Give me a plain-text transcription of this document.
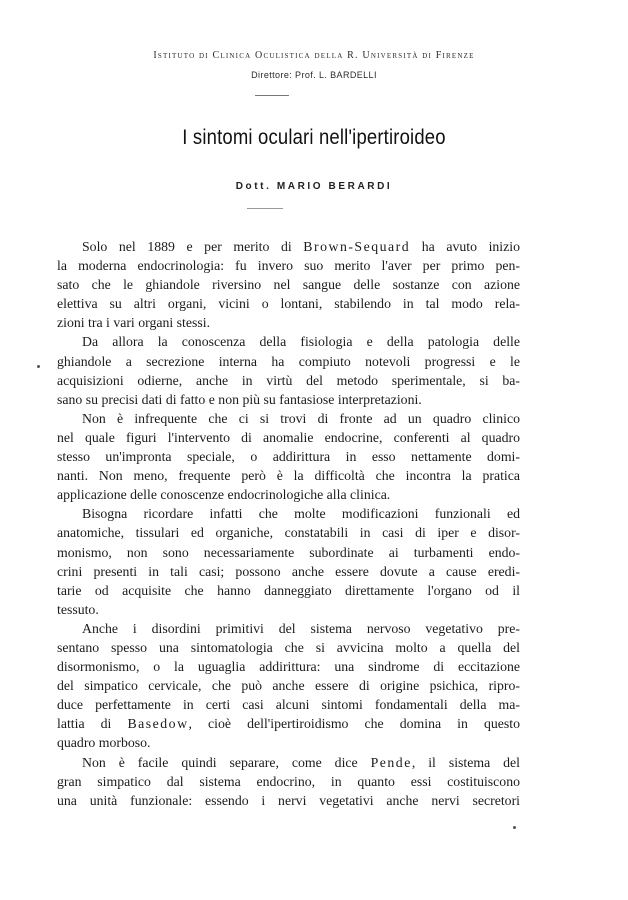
Istituto di Clinica Oculistica della R. Università di Firenze
Direttore: Prof. L. BARDELLI
I sintomi oculari nell'ipertiroideo
Dott. MARIO BERARDI
Solo nel 1889 e per merito di Brown-Sequard ha avuto inizio
la moderna endocrinologia: fu invero suo merito l'aver per primo pen-
sato che le ghiandole riversino nel sangue delle sostanze con azione
elettiva su altri organi, vicini o lontani, stabilendo in tal modo rela-
zioni tra i vari organi stessi.
Da allora la conoscenza della fisiologia e della patologia delle
ghiandole a secrezione interna ha compiuto notevoli progressi e le
acquisizioni odierne, anche in virtù del metodo sperimentale, si ba-
sano su precisi dati di fatto e non più su fantasiose interpretazioni.
Non è infrequente che ci si trovi di fronte ad un quadro clinico
nel quale figuri l'intervento di anomalie endocrine, conferenti al quadro
stesso un'impronta speciale, o addirittura in esso nettamente domi-
nanti. Non meno, frequente però è la difficoltà che incontra la pratica
applicazione delle conoscenze endocrinologiche alla clinica.
Bisogna ricordare infatti che molte modificazioni funzionali ed
anatomiche, tissulari ed organiche, constatabili in casi di iper e disor-
monismo, non sono necessariamente subordinate ai turbamenti endo-
crini presenti in tali casi; possono anche essere dovute a cause eredi-
tarie od acquisite che hanno danneggiato direttamente l'organo od il
tessuto.
Anche i disordini primitivi del sistema nervoso vegetativo pre-
sentano spesso una sintomatologia che si avvicina molto a quella del
disormonismo, o la uguaglia addirittura: una sindrome di eccitazione
del simpatico cervicale, che può anche essere di origine psichica, ripro-
duce perfettamente in certi casi alcuni sintomi fondamentali della ma-
lattia di Basedow, cioè dell'ipertiroidismo che domina in questo
quadro morboso.
Non è facile quindi separare, come dice Pende, il sistema del
gran simpatico dal sistema endocrino, in quanto essi costituiscono
una unità funzionale: essendo i nervi vegetativi anche nervi secretori
